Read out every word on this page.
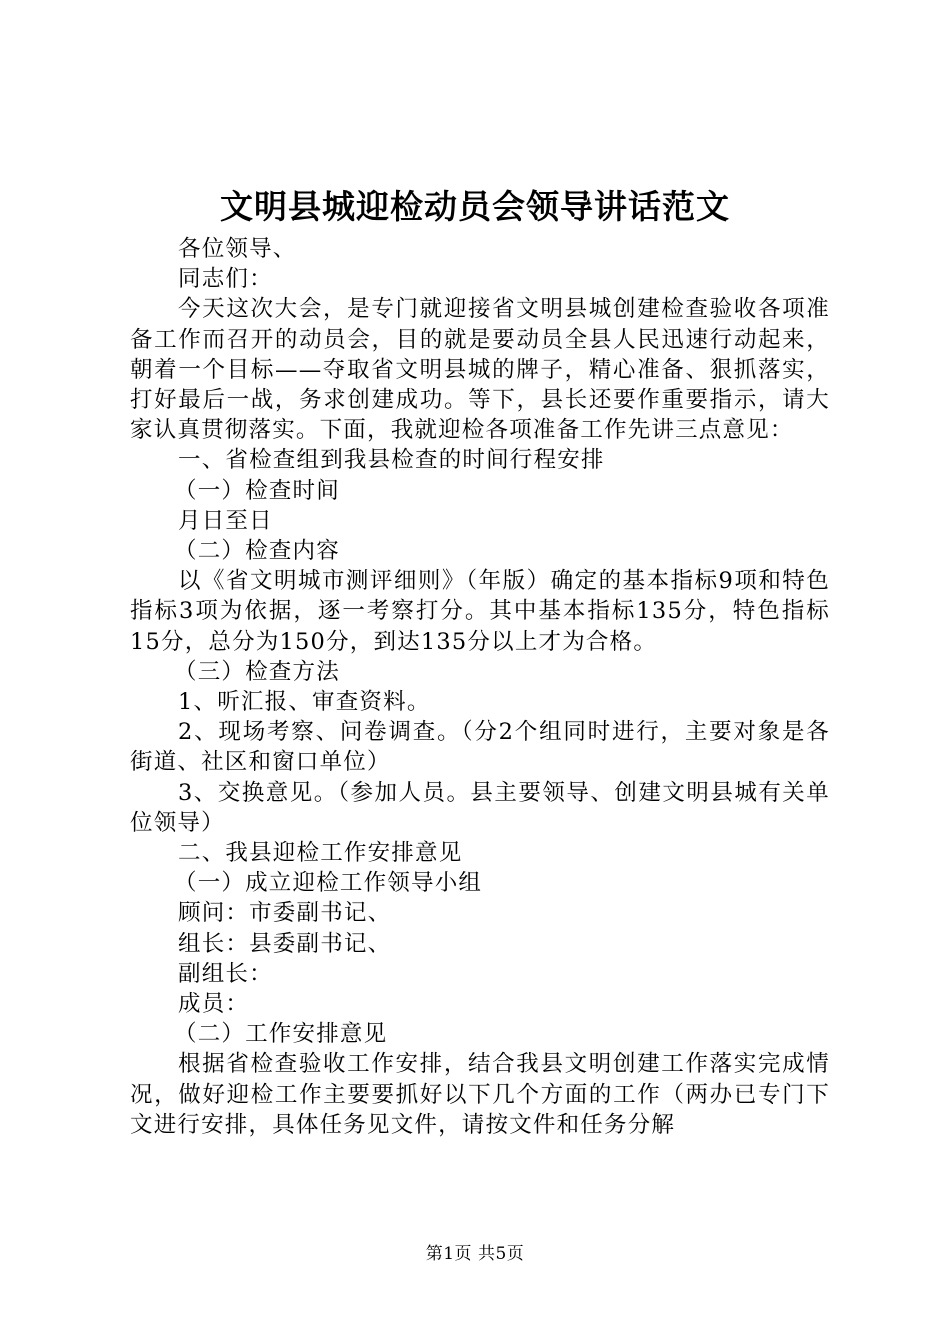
文明县城迎检动员会领导讲话范文

各位领导、

同志们：

今天这次大会，是专门就迎接省文明县城创建检查验收各项准备工作而召开的动员会，目的就是要动员全县人民迅速行动起来，朝着一个目标——夺取省文明县城的牌子，精心准备、狠抓落实，打好最后一战，务求创建成功。等下，县长还要作重要指示，请大家认真贯彻落实。下面，我就迎检各项准备工作先讲三点意见：

一、省检查组到我县检查的时间行程安排

（一）检查时间

月日至日

（二）检查内容

以《省文明城市测评细则》（年版）确定的基本指标9项和特色指标3项为依据，逐一考察打分。其中基本指标135分，特色指标15分，总分为150分，到达135分以上才为合格。

（三）检查方法

1、听汇报、审查资料。

2、现场考察、问卷调查。（分2个组同时进行，主要对象是各街道、社区和窗口单位）

3、交换意见。（参加人员。县主要领导、创建文明县城有关单位领导）

二、我县迎检工作安排意见

（一）成立迎检工作领导小组

顾问：市委副书记、

组长：县委副书记、

副组长：

成员：

（二）工作安排意见

根据省检查验收工作安排，结合我县文明创建工作落实完成情况，做好迎检工作主要要抓好以下几个方面的工作（两办已专门下文进行安排，具体任务见文件，请按文件和任务分解

第1页 共5页
